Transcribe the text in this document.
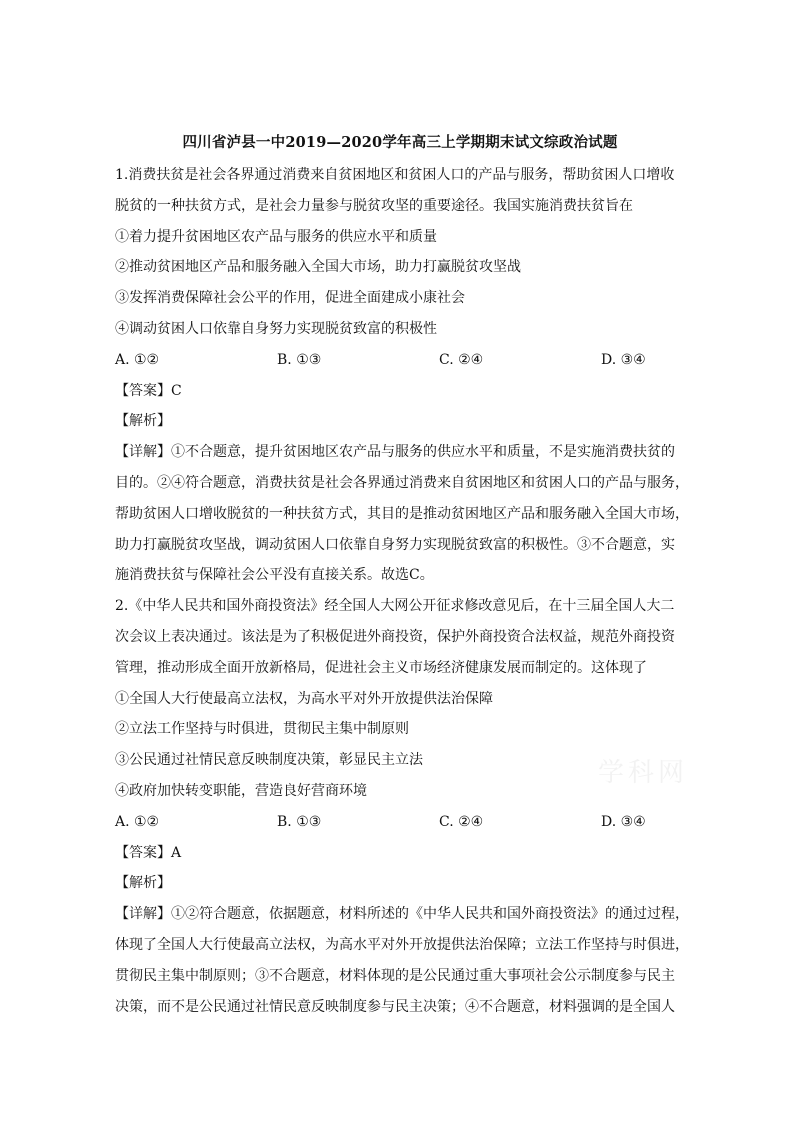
学科网
四川省泸县一中2019—2020学年高三上学期期末试文综政治试题

1.消费扶贫是社会各界通过消费来自贫困地区和贫困人口的产品与服务，帮助贫困人口增收

脱贫的一种扶贫方式，是社会力量参与脱贫攻坚的重要途径。我国实施消费扶贫旨在

①着力提升贫困地区农产品与服务的供应水平和质量

②推动贫困地区产品和服务融入全国大市场，助力打赢脱贫攻坚战

③发挥消费保障社会公平的作用，促进全面建成小康社会

④调动贫困人口依靠自身努力实现脱贫致富的积极性

A. ①②	B. ①③	C. ②④	D. ③④

【答案】C

【解析】

【详解】①不合题意，提升贫困地区农产品与服务的供应水平和质量，不是实施消费扶贫的

目的。②④符合题意，消费扶贫是社会各界通过消费来自贫困地区和贫困人口的产品与服务，

帮助贫困人口增收脱贫的一种扶贫方式，其目的是推动贫困地区产品和服务融入全国大市场，

助力打赢脱贫攻坚战，调动贫困人口依靠自身努力实现脱贫致富的积极性。③不合题意，实

施消费扶贫与保障社会公平没有直接关系。故选C。

2.《中华人民共和国外商投资法》经全国人大网公开征求修改意见后，在十三届全国人大二

次会议上表决通过。该法是为了积极促进外商投资，保护外商投资合法权益，规范外商投资

管理，推动形成全面开放新格局，促进社会主义市场经济健康发展而制定的。这体现了

①全国人大行使最高立法权，为高水平对外开放提供法治保障

②立法工作坚持与时俱进，贯彻民主集中制原则

③公民通过社情民意反映制度决策，彰显民主立法

④政府加快转变职能，营造良好营商环境

A. ①②	B. ①③	C. ②④	D. ③④

【答案】A

【解析】

【详解】①②符合题意，依据题意，材料所述的《中华人民共和国外商投资法》的通过过程，

体现了全国人大行使最高立法权，为高水平对外开放提供法治保障；立法工作坚持与时俱进，

贯彻民主集中制原则；③不合题意，材料体现的是公民通过重大事项社会公示制度参与民主

决策，而不是公民通过社情民意反映制度参与民主决策；④不合题意，材料强调的是全国人
